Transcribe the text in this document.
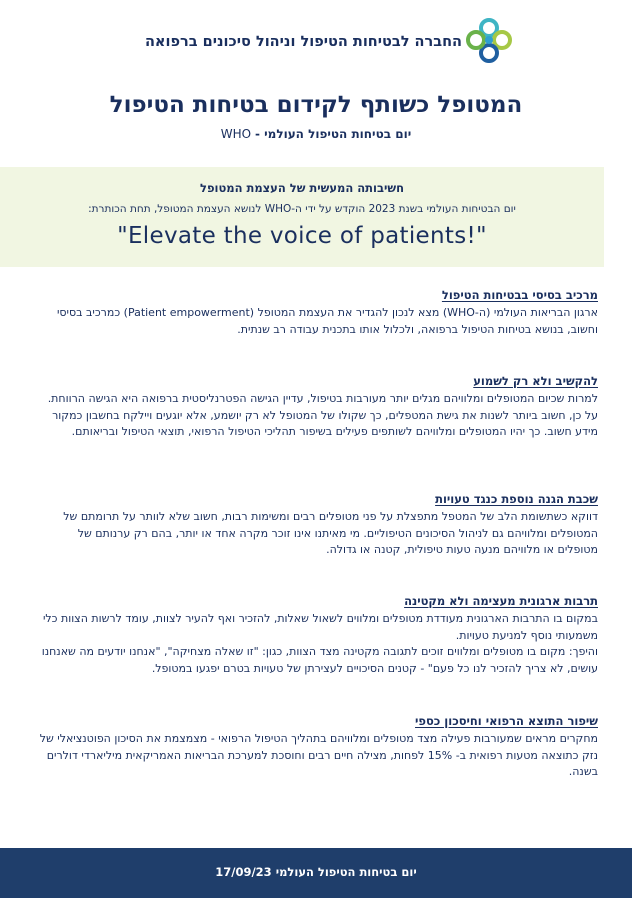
החברה לבטיחות הטיפול וניהול סיכונים ברפואה
המטופל כשותף לקידום בטיחות הטיפול
יום בטיחות הטיפול העולמי - WHO
חשיבותה המעשית של העצמת המטופל
יום הבטיחות העולמי בשנת 2023 הוקדש על ידי ה-WHO לנושא העצמת המטופל, תחת הכותרת:
"Elevate the voice of patients!"
מרכיב בסיסי בבטיחות הטיפול

ארגון הבריאות העולמי (ה-WHO) מצא לנכון להגדיר את העצמת המטופל (Patient empowerment) כמרכיב בסיסי וחשוב, בנושא בטיחות הטיפול ברפואה, ולכלול אותו בתכנית עבודה רב שנתית.

להקשיב ולא רק לשמוע

למרות שכיום המטופלים ומלוויהם מגלים יותר מעורבות בטיפול, עדיין הגישה הפטרנליסטית ברפואה היא הגישה הרווחת. על כן, חשוב ביותר לשנות את גישת המטפלים, כך שקולו של המטופל לא רק יושמע, אלא יוגעים ויילקח בחשבון כמקור מידע חשוב. כך יהיו המטופלים ומלוויהם לשותפים פעילים בשיפור תהליכי הטיפול הרפואי, תוצאי הטיפול ובריאותם.

שכבת הגנה נוספת כנגד טעויות

דווקא כשתשומת הלב של המטפל מתפצלת על פני מטופלים רבים ומשימות רבות, חשוב שלא לוותר על תרומתם של המטופלים ומלוויהם גם לניהול הסיכונים הטיפוליים. מי מאיתנו אינו זוכר מקרה אחד או יותר, בהם רק ערנותם של מטופלים או מלוויהם מנעה טעות טיפולית, קטנה או גדולה.

תרבות ארגונית מעצימה ולא מקטינה

במקום בו התרבות הארגונית מעודדת מטופלים ומלווים לשאול שאלות, להזכיר ואף להעיר לצוות, עומד לרשות הצוות כלי משמעותי נוסף למניעת טעויות.

והיפך: מקום בו מטופלים ומלווים זוכים לתגובה מקטינה מצד הצוות, כגון: "זו שאלה מצחיקה", "אנחנו יודעים מה שאנחנו עושים, לא צריך להזכיר לנו כל פעם" - קטנים הסיכויים לעצירתן של טעויות בטרם יפגעו במטופל.

שיפור התוצא הרפואי וחיסכון כספי

מחקרים מראים שמעורבות פעילה מצד מטופלים ומלוויהם בתהליך הטיפול הרפואי - מצמצמת את הסיכון הפוטנציאלי של נזק כתוצאה מטעות רפואית ב- 15% לפחות, מצילה חיים רבים וחוסכת למערכת הבריאות האמריקאית מיליארדי דולרים בשנה.

יום בטיחות הטיפול העולמי 17/09/23
